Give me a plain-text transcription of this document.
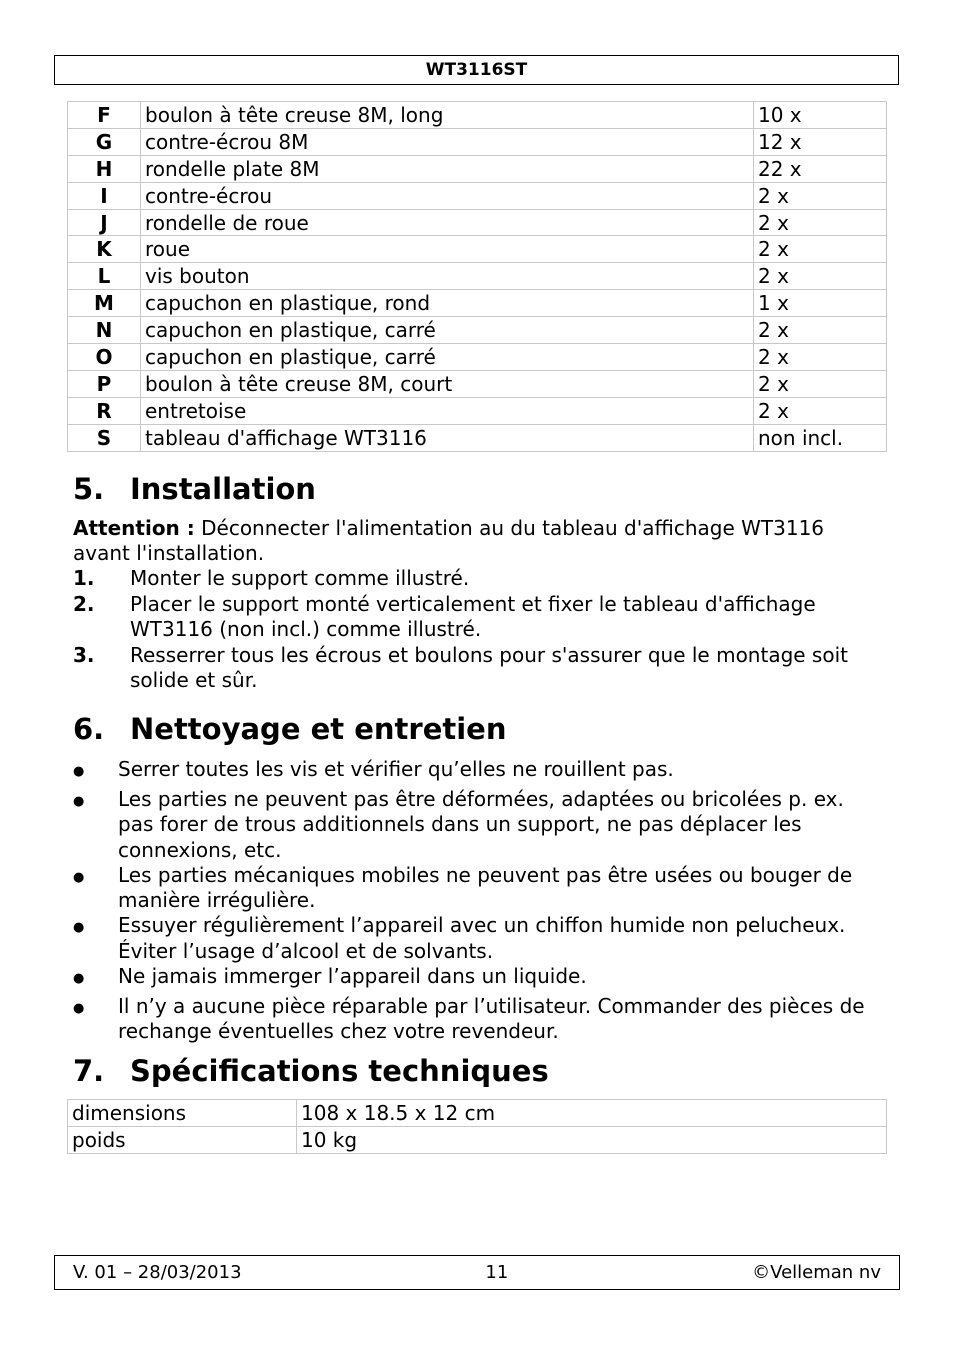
WT3116ST
F	boulon à tête creuse 8M, long	10 x
G	contre-écrou 8M	12 x
H	rondelle plate 8M	22 x
I	contre-écrou	2 x
J	rondelle de roue	2 x
K	roue	2 x
L	vis bouton	2 x
M	capuchon en plastique, rond	1 x
N	capuchon en plastique, carré	2 x
O	capuchon en plastique, carré	2 x
P	boulon à tête creuse 8M, court	2 x
R	entretoise	2 x
S	tableau d'affichage WT3116	non incl.
5. Installation

Attention : Déconnecter l'alimentation au du tableau d'affichage WT3116 avant l'installation.

1.	Monter le support comme illustré.
2.	Placer le support monté verticalement et fixer le tableau d'affichage WT3116 (non incl.) comme illustré.
3.	Resserrer tous les écrous et boulons pour s'assurer que le montage soit solide et sûr.
6. Nettoyage et entretien
●	Serrer toutes les vis et vérifier qu’elles ne rouillent pas.
●	Les parties ne peuvent pas être déformées, adaptées ou bricolées p. ex. pas forer de trous additionnels dans un support, ne pas déplacer les connexions, etc.
●	Les parties mécaniques mobiles ne peuvent pas être usées ou bouger de manière irrégulière.
●	Essuyer régulièrement l’appareil avec un chiffon humide non pelucheux. Éviter l’usage d’alcool et de solvants.
●	Ne jamais immerger l’appareil dans un liquide.
●	Il n’y a aucune pièce réparable par l’utilisateur. Commander des pièces de rechange éventuelles chez votre revendeur.
7. Spécifications techniques
dimensions	108 x 18.5 x 12 cm
poids	10 kg
V. 01 – 28/03/2013	11	©Velleman nv
